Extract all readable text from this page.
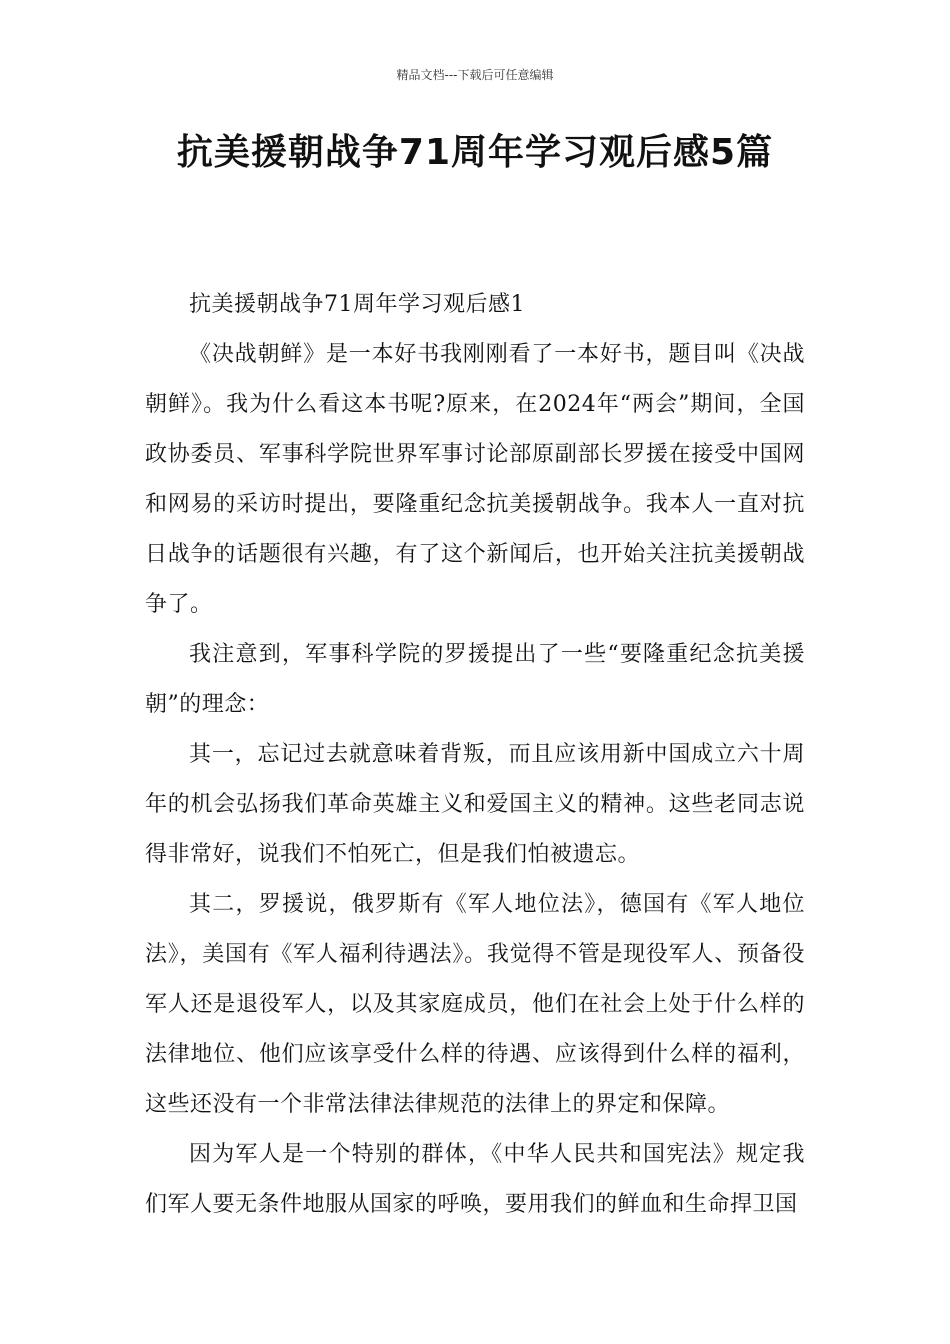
精品文档---下载后可任意编辑
抗美援朝战争71周年学习观后感5篇

抗美援朝战争71周年学习观后感1

《决战朝鲜》是一本好书我刚刚看了一本好书，题目叫《决战朝鲜》。我为什么看这本书呢?原来，在2024年“两会”期间，全国政协委员、军事科学院世界军事讨论部原副部长罗援在接受中国网和网易的采访时提出，要隆重纪念抗美援朝战争。我本人一直对抗日战争的话题很有兴趣，有了这个新闻后，也开始关注抗美援朝战争了。

我注意到，军事科学院的罗援提出了一些“要隆重纪念抗美援朝”的理念：

其一，忘记过去就意味着背叛，而且应该用新中国成立六十周年的机会弘扬我们革命英雄主义和爱国主义的精神。这些老同志说得非常好，说我们不怕死亡，但是我们怕被遗忘。

其二，罗援说，俄罗斯有《军人地位法》，德国有《军人地位法》，美国有《军人福利待遇法》。我觉得不管是现役军人、预备役军人还是退役军人，以及其家庭成员，他们在社会上处于什么样的法律地位、他们应该享受什么样的待遇、应该得到什么样的福利，这些还没有一个非常法律法律规范的法律上的界定和保障。

因为军人是一个特别的群体，《中华人民共和国宪法》规定我们军人要无条件地服从国家的呼唤，要用我们的鲜血和生命捍卫国
